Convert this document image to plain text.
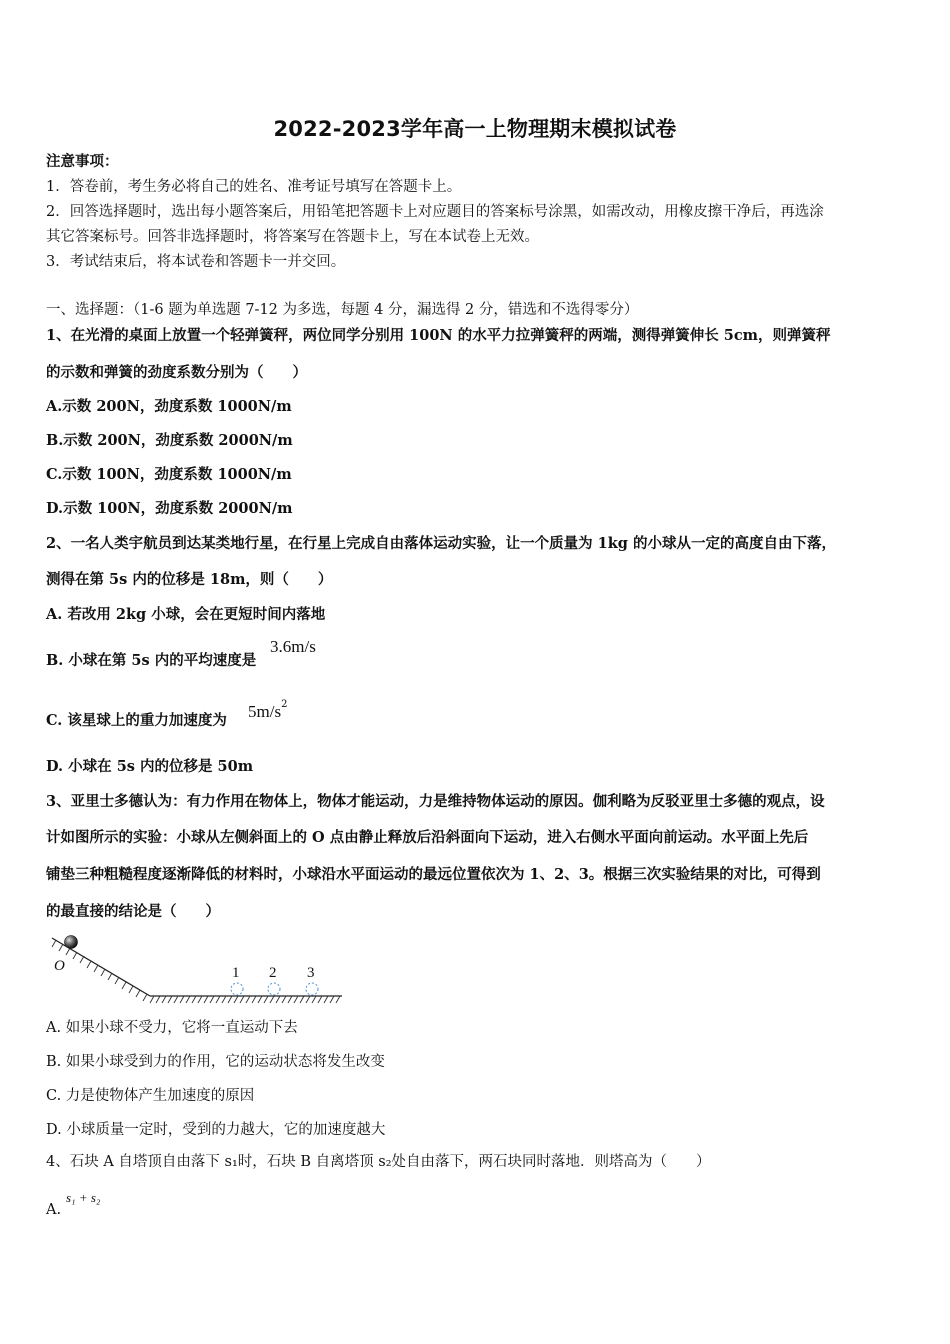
2022-2023学年高一上物理期末模拟试卷
注意事项：
1．答卷前，考生务必将自己的姓名、准考证号填写在答题卡上。
2．回答选择题时，选出每小题答案后，用铅笔把答题卡上对应题目的答案标号涂黑，如需改动，用橡皮擦干净后，再选涂
其它答案标号。回答非选择题时，将答案写在答题卡上，写在本试卷上无效。
3．考试结束后，将本试卷和答题卡一并交回。
一、选择题：（1-6 题为单选题 7-12 为多选，每题 4 分，漏选得 2 分，错选和不选得零分）
1、在光滑的桌面上放置一个轻弹簧秤，两位同学分别用 100N 的水平力拉弹簧秤的两端，测得弹簧伸长 5cm，则弹簧秤
的示数和弹簧的劲度系数分别为（　　）
A.示数 200N，劲度系数 1000N/m
B.示数 200N，劲度系数 2000N/m
C.示数 100N，劲度系数 1000N/m
D.示数 100N，劲度系数 2000N/m
2、一名人类宇航员到达某类地行星，在行星上完成自由落体运动实验，让一个质量为 1kg 的小球从一定的高度自由下落，
测得在第 5s 内的位移是 18m，则（　　）
A. 若改用 2kg 小球，会在更短时间内落地
B. 小球在第 5s 内的平均速度是
3.6m/s
C. 该星球上的重力加速度为	$5m/s^2$
D. 小球在 5s 内的位移是 50m
3、亚里士多德认为：有力作用在物体上，物体才能运动，力是维持物体运动的原因。伽利略为反驳亚里士多德的观点，设
计如图所示的实验：小球从左侧斜面上的 O 点由静止释放后沿斜面向下运动，进入右侧水平面向前运动。水平面上先后
铺垫三种粗糙程度逐渐降低的材料时，小球沿水平面运动的最远位置依次为 1、2、3。根据三次实验结果的对比，可得到
的最直接的结论是（　　）
O	1 2 3
A. 如果小球不受力，它将一直运动下去
B. 如果小球受到力的作用，它的运动状态将发生改变
C. 力是使物体产生加速度的原因
D. 小球质量一定时，受到的力越大，它的加速度越大
4、石块 A 自塔顶自由落下 s₁时，石块 B 自离塔顶 s₂处自由落下，两石块同时落地．则塔高为（　　）
A.
s₁ + s₂
